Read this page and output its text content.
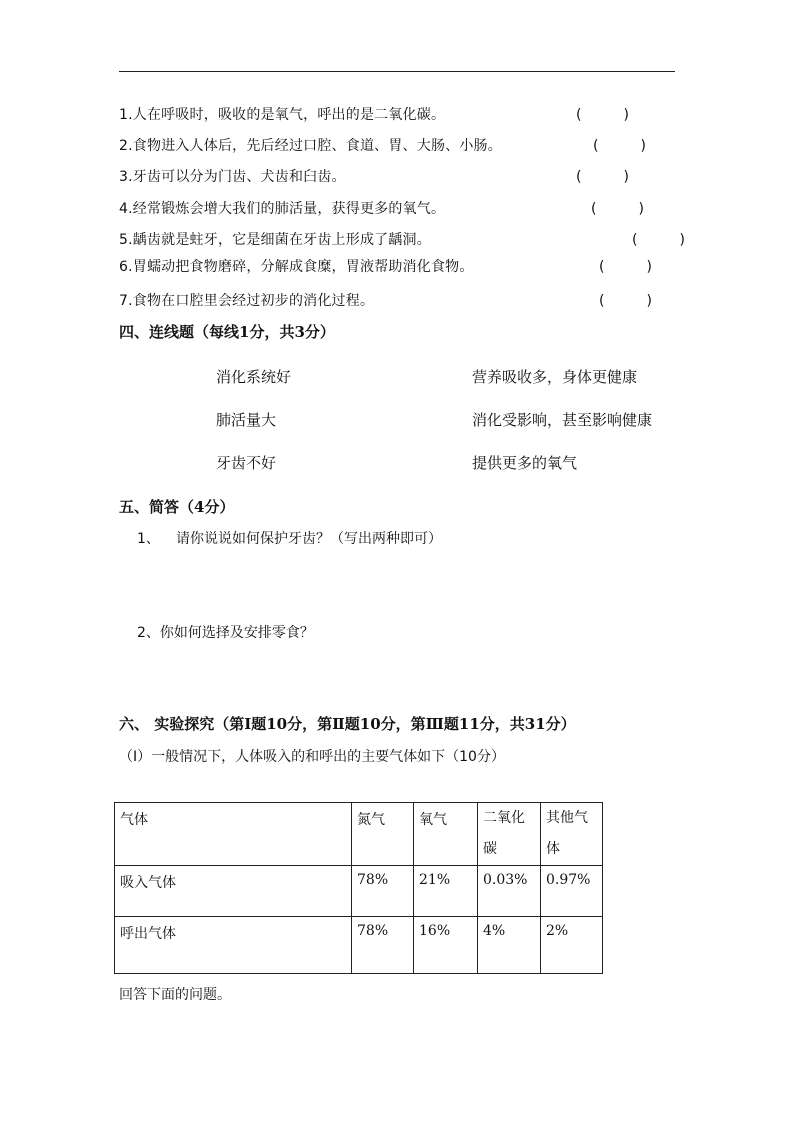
1.人在呼吸时，吸收的是氧气，呼出的是二氧化碳。	(　　　)
2.食物进入人体后，先后经过口腔、食道、胃、大肠、小肠。	(　　　)
3.牙齿可以分为门齿、犬齿和臼齿。	(　　　)
4.经常锻炼会增大我们的肺活量，获得更多的氧气。	(　　　)
5.龋齿就是蛀牙，它是细菌在牙齿上形成了龋洞。	(　　　)
6.胃蠕动把食物磨碎，分解成食糜，胃液帮助消化食物。	(　　　)
7.食物在口腔里会经过初步的消化过程。	(　　　)
四、连线题（每线1分，共3分）
消化系统好
肺活量大
牙齿不好
营养吸收多，身体更健康
消化受影响，甚至影响健康
提供更多的氧气
五、简答（4分）
1、 请你说说如何保护牙齿？（写出两种即可）
2、你如何选择及安排零食？
六、 实验探究（第Ⅰ题10分，第Ⅱ题10分，第Ⅲ题11分，共31分）
（Ⅰ）一般情况下，人体吸入的和呼出的主要气体如下（10分）
气体	氮气	氧气	二氧化碳	其他气体
吸入气体	78%	21%	0.03%	0.97%
呼出气体	78%	16%	4%	2%
回答下面的问题。
